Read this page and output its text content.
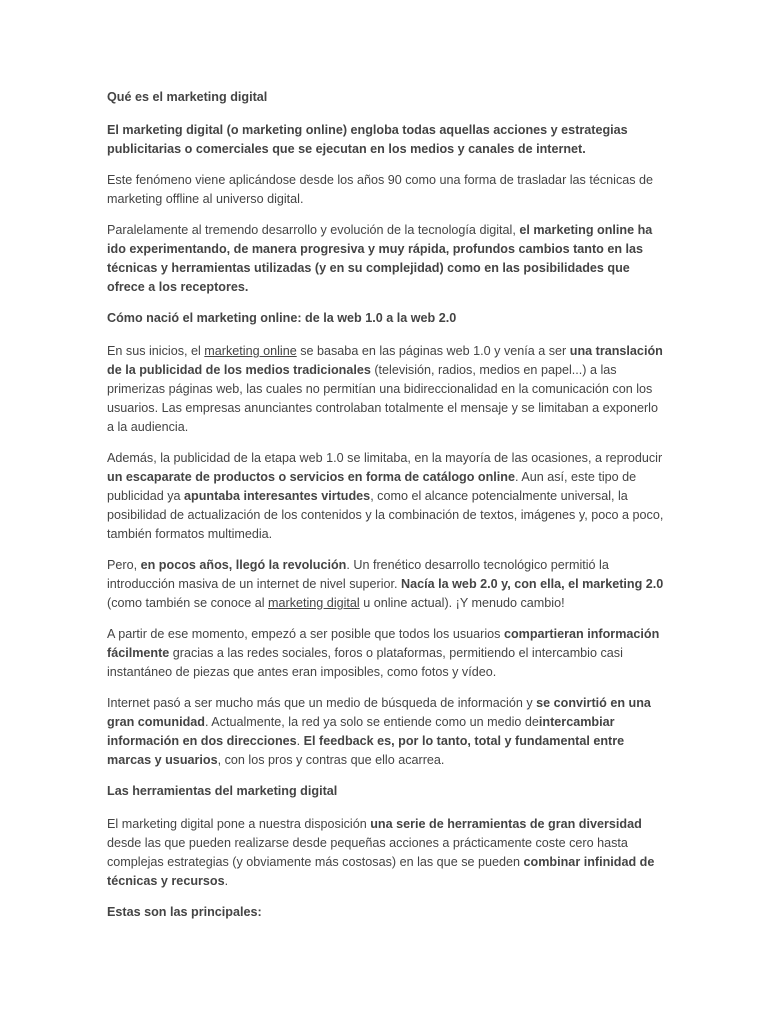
Qué es el marketing digital

El marketing digital (o marketing online) engloba todas aquellas acciones y estrategias publicitarias o comerciales que se ejecutan en los medios y canales de internet.

Este fenómeno viene aplicándose desde los años 90 como una forma de trasladar las técnicas de marketing offline al universo digital.

Paralelamente al tremendo desarrollo y evolución de la tecnología digital, el marketing online ha ido experimentando, de manera progresiva y muy rápida, profundos cambios tanto en las técnicas y herramientas utilizadas (y en su complejidad) como en las posibilidades que ofrece a los receptores.

Cómo nació el marketing online: de la web 1.0 a la web 2.0

En sus inicios, el marketing online se basaba en las páginas web 1.0 y venía a ser una translación de la publicidad de los medios tradicionales (televisión, radios, medios en papel...) a las primerizas páginas web, las cuales no permitían una bidireccionalidad en la comunicación con los usuarios. Las empresas anunciantes controlaban totalmente el mensaje y se limitaban a exponerlo a la audiencia.

Además, la publicidad de la etapa web 1.0 se limitaba, en la mayoría de las ocasiones, a reproducir un escaparate de productos o servicios en forma de catálogo online. Aun así, este tipo de publicidad ya apuntaba interesantes virtudes, como el alcance potencialmente universal, la posibilidad de actualización de los contenidos y la combinación de textos, imágenes y, poco a poco, también formatos multimedia.

Pero, en pocos años, llegó la revolución. Un frenético desarrollo tecnológico permitió la introducción masiva de un internet de nivel superior. Nacía la web 2.0 y, con ella, el marketing 2.0 (como también se conoce al marketing digital u online actual). ¡Y menudo cambio!

A partir de ese momento, empezó a ser posible que todos los usuarios compartieran información fácilmente gracias a las redes sociales, foros o plataformas, permitiendo el intercambio casi instantáneo de piezas que antes eran imposibles, como fotos y vídeo.

Internet pasó a ser mucho más que un medio de búsqueda de información y se convirtió en una gran comunidad. Actualmente, la red ya solo se entiende como un medio deintercambiar información en dos direcciones. El feedback es, por lo tanto, total y fundamental entre marcas y usuarios, con los pros y contras que ello acarrea.

Las herramientas del marketing digital

El marketing digital pone a nuestra disposición una serie de herramientas de gran diversidad desde las que pueden realizarse desde pequeñas acciones a prácticamente coste cero hasta complejas estrategias (y obviamente más costosas) en las que se pueden combinar infinidad de técnicas y recursos.

Estas son las principales:
